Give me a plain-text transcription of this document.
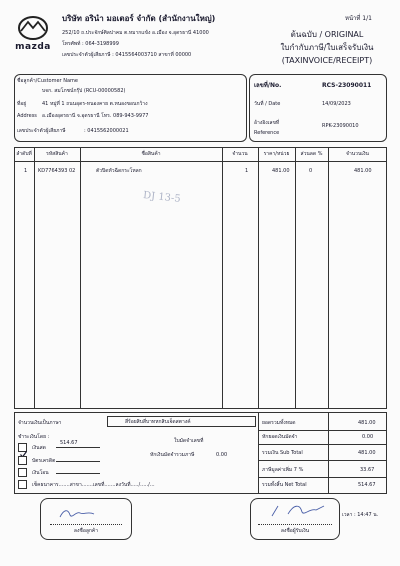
mazda
บริษัท อรินำ มอเตอร์ จำกัด (สำนักงานใหญ่)
252/10 ถ.ประจักษ์ศิลปาคม ต.หมากแข้ง อ.เมือง จ.อุดรธานี 41000
โทรศัพท์ : 064-3198999
เลขประจำตัวผู้เสียภาษี : 0415564003710 สาขาที่ 00000
หน้าที่ 1/1
ต้นฉบับ / ORIGINAL
ใบกำกับภาษี/ใบเสร็จรับเงิน
(TAXINVOICE/RECEIPT)
ชื่อลูกค้า/Customer Name
บจก. สมโภชน์กรุ๊ป (RCU-00000582)
ที่อยู่	41 หมู่ที่ 1 ถนนอุดร-หนองคาย ต.หนองขอนกว้าง
Address อ.เมืองอุดรธานี จ.อุดรธานี โทร. 089-943-9977
เลขประจำตัวผู้เสียภาษี	: 0415562000021
เลขที่/No.	RCS-23090011
วันที่ / Date	14/09/2023
อ้างอิงเลขที่
Reference
RPK-23090010
ลำดับที่	รหัสสินค้า	ชื่อสินค้า	จำนวน	ราคา/หน่วย	ส่วนลด %	จำนวนเงิน
1 KD7764393 02	ตัวปิดหัวฉีดกระโหลก	1	481.00	0	481.00
DJ 13-5
จำนวนเงินเป็นภาษา	สี่ร้อยสิบสี่บาทหกสิบเจ็ดสตางค์
ชำระเงินโดย :
เงินสด
514.67
บัตรเครดิต
เงินโอน
เช็คธนาคาร.......สาขา.......เลขที่.......ลงวันที่...../...../...
ใบมัดจำเลขที่
หักเงินมัดจำรวมภาษี	0.00
ยอดรวมทั้งหมด	481.00
หักยอดเงินมัดจำ	0.00
รวมเงิน Sub Total	481.00
ภาษีมูลค่าเพิ่ม 7 %	33.67
รวมทั้งสิ้น Net Total	514.67
ลงชื่อลูกค้า	ลงชื่อผู้รับเงิน
เวลา : 14:47 น.
